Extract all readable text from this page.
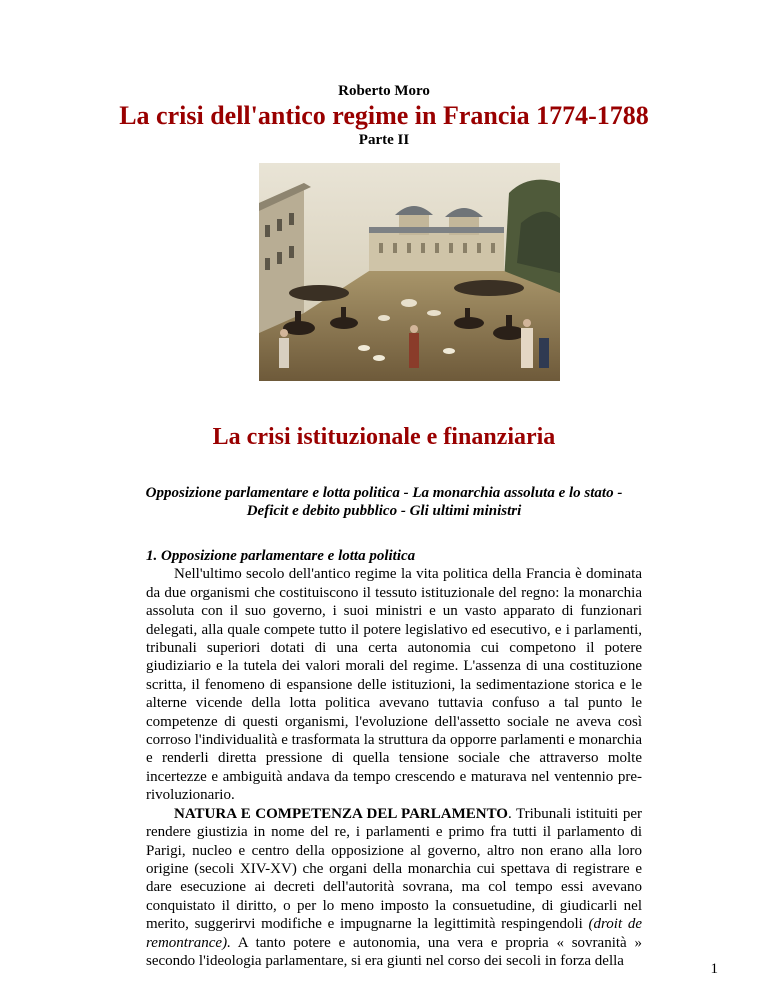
Roberto Moro
La crisi dell'antico regime in Francia 1774-1788
Parte II
La crisi istituzionale e finanziaria
Opposizione parlamentare e lotta politica - La monarchia assoluta e lo stato -
Deficit e debito pubblico - Gli ultimi ministri
1. Opposizione parlamentare e lotta politica

Nell'ultimo secolo dell'antico regime la vita politica della Francia è dominata da due organismi che costituiscono il tessuto istituzionale del regno: la monarchia assoluta con il suo governo, i suoi ministri e un vasto apparato di funzionari delegati, alla quale compete tutto il potere legislativo ed esecutivo, e i parlamenti, tribunali superiori dotati di una certa autonomia cui competono il potere giudiziario e la tutela dei valori morali del regime. L'assenza di una costituzione scritta, il fenomeno di espansione delle istituzioni, la sedimentazione storica e le alterne vicende della lotta politica avevano tuttavia confuso a tal punto le competenze di questi organismi, l'evoluzione dell'assetto sociale ne aveva così corroso l'individualità e trasformata la struttura da opporre parlamenti e monarchia e renderli diretta pressione di quella tensione sociale che attraverso molte incertezze e ambiguità andava da tempo crescendo e maturava nel ventennio pre-rivoluzionario.

NATURA E COMPETENZA DEL PARLAMENTO. Tribunali istituiti per rendere giustizia in nome del re, i parlamenti e primo fra tutti il parlamento di Parigi, nucleo e centro della opposizione al governo, altro non erano alla loro origine (secoli XIV-XV) che organi della monarchia cui spettava di registrare e dare esecuzione ai decreti dell'autorità sovrana, ma col tempo essi avevano conquistato il diritto, o per lo meno imposto la consuetudine, di giudicarli nel merito, suggerirvi modifiche e impugnarne la legittimità respingendoli (droit de remontrance). A tanto potere e autonomia, una vera e propria « sovranità » secondo l'ideologia parlamentare, si era giunti nel corso dei secoli in forza della

1
